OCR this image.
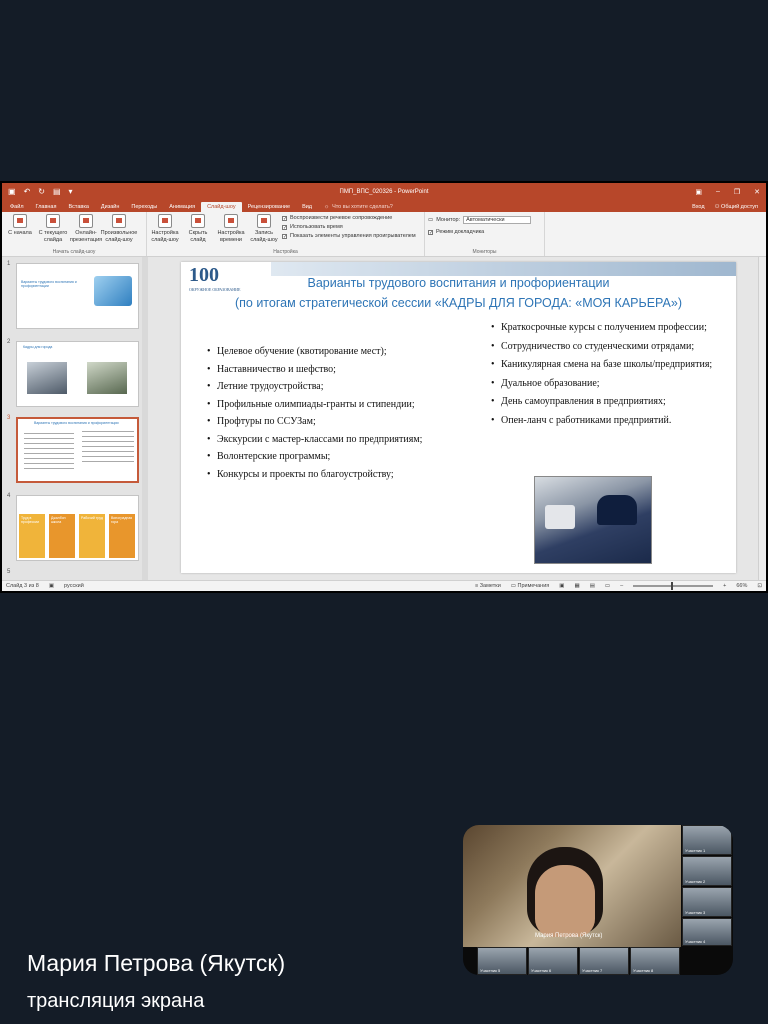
▣ ↶ ↻ ▤ ▾	ПМП_ВПС_020326 - PowerPoint	▣ – ❐ ✕
Файл	Главная	Вставка	Дизайн	Переходы	Анимация	Слайд-шоу	Рецензирование	Вид	☼ Что вы хотите сделать?	Вход ⚇ Общий доступ
С начала С текущего слайда
Онлайн-презентация
Произвольное слайд-шоу
Начать слайд-шоу
Настройка слайд-шоу
Скрыть слайд
Настройка времени
Запись слайд-шоу
✓ Воспроизвести речевое сопровождение
✓ Использовать время
✓ Показать элементы управления проигрывателем
Настройка
▭ Монитор:	Автоматически
✓ Режим докладчика
Мониторы
1
Варианты трудового воспитания и профориентации
2
Кадры для города
3
Варианты трудового воспитания и профориентации
4
Труд в профессии
Джалбон школа
Рабочий труд	Виноградная гора
5
100
ОКРУЖНОЕ ОБРАЗОВАНИЕ	Варианты трудового воспитания и профориентации
(по итогам стратегической сессии «КАДРЫ ДЛЯ ГОРОДА: «МОЯ КАРЬЕРА»)
• Целевое обучение (квотирование мест);
• Наставничество и шефство;
• Летние трудоустройства;
• Профильные олимпиады-гранты и стипендии;
• Профтуры по ССУЗам;
• Экскурсии с мастер-классами по предприятиям;
• Волонтерские программы;
• Конкурсы и проекты по благоустройству;
• Краткосрочные курсы с получением профессии;
• Сотрудничество со студенческими отрядами;
• Каникулярная смена на базе школы/предприятия;
• Дуальное образование;
• День самоуправления в предприятиях;
• Опен-ланч с работниками предприятий.
Слайд 3 из 8 ▣ русский	≡ Заметки ▭ Примечания ▣ ▦ ▤ ▭ –	+ 66% ⊡
Мария Петрова (Якутск)
Участник 1
Участник 2
Участник 3
Участник 4
Участник 5	Участник 6	Участник 7	Участник 8
Мария Петрова (Якутск)
трансляция экрана
